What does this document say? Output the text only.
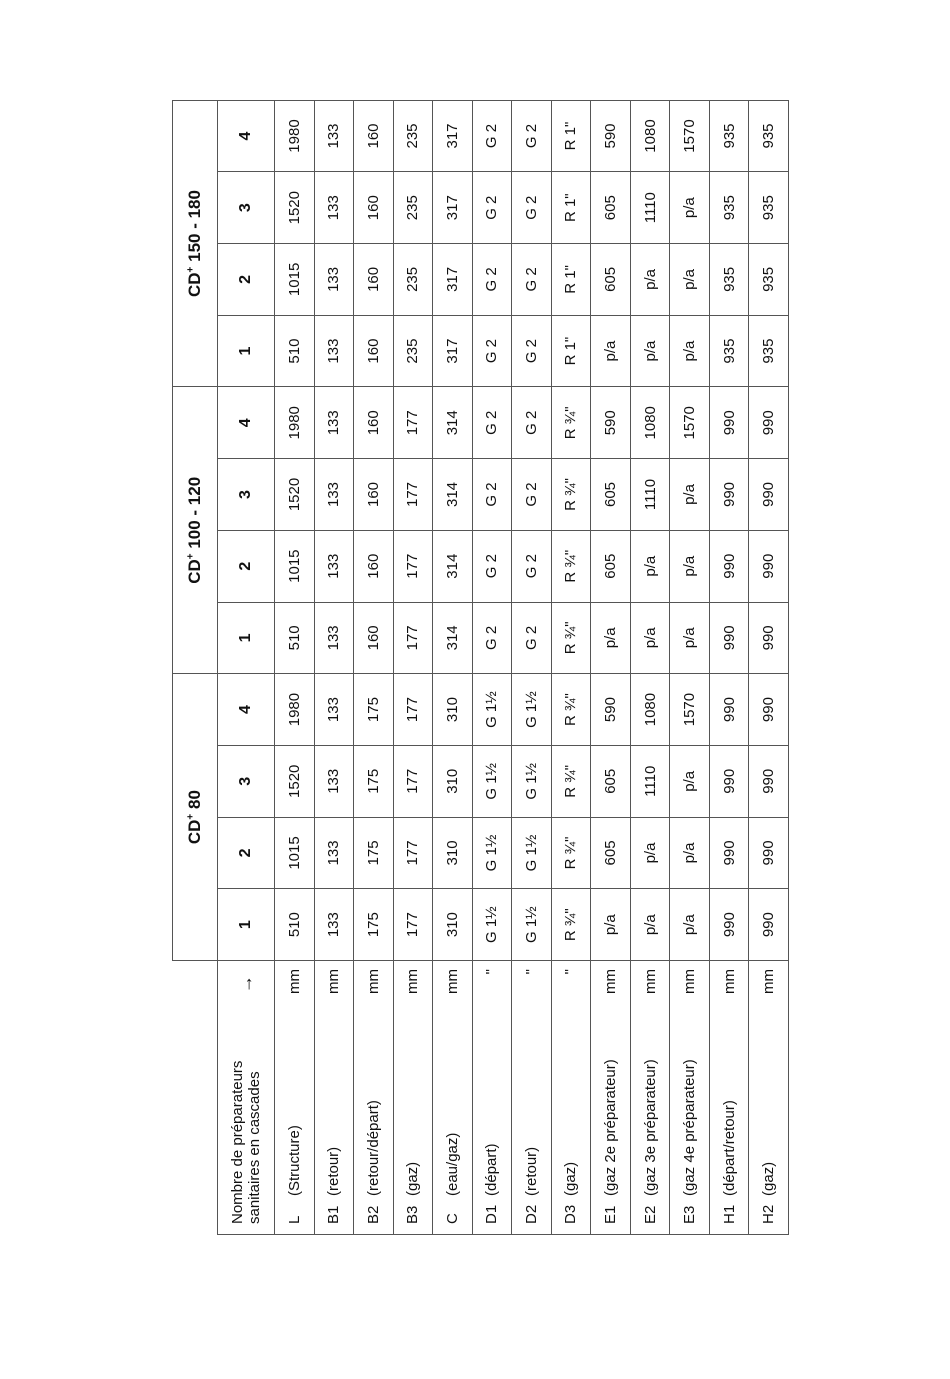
		CD+ 80				CD+ 100 - 120				CD+ 150 - 180			
Nombre de préparateurs sanitaires en cascades	→	1	2	3	4	1	2	3	4	1	2	3	4
L(Structure)	mm	510	1015	1520	1980	510	1015	1520	1980	510	1015	1520	1980
B1(retour)	mm	133	133	133	133	133	133	133	133	133	133	133	133
B2(retour/départ)	mm	175	175	175	175	160	160	160	160	160	160	160	160
B3(gaz)	mm	177	177	177	177	177	177	177	177	235	235	235	235
C(eau/gaz)	mm	310	310	310	310	314	314	314	314	317	317	317	317
D1(départ)	"	G 1½	G 1½	G 1½	G 1½	G 2	G 2	G 2	G 2	G 2	G 2	G 2	G 2
D2(retour)	"	G 1½	G 1½	G 1½	G 1½	G 2	G 2	G 2	G 2	G 2	G 2	G 2	G 2
D3(gaz)	"	R ¾"	R ¾"	R ¾"	R ¾"	R ¾"	R ¾"	R ¾"	R ¾"	R 1"	R 1"	R 1"	R 1"
E1(gaz 2e préparateur)	mm	p/a	605	605	590	p/a	605	605	590	p/a	605	605	590
E2(gaz 3e préparateur)	mm	p/a	p/a	1110	1080	p/a	p/a	1110	1080	p/a	p/a	1110	1080
E3(gaz 4e préparateur)	mm	p/a	p/a	p/a	1570	p/a	p/a	p/a	1570	p/a	p/a	p/a	1570
H1(départ/retour)	mm	990	990	990	990	990	990	990	990	935	935	935	935
H2(gaz)	mm	990	990	990	990	990	990	990	990	935	935	935	935
